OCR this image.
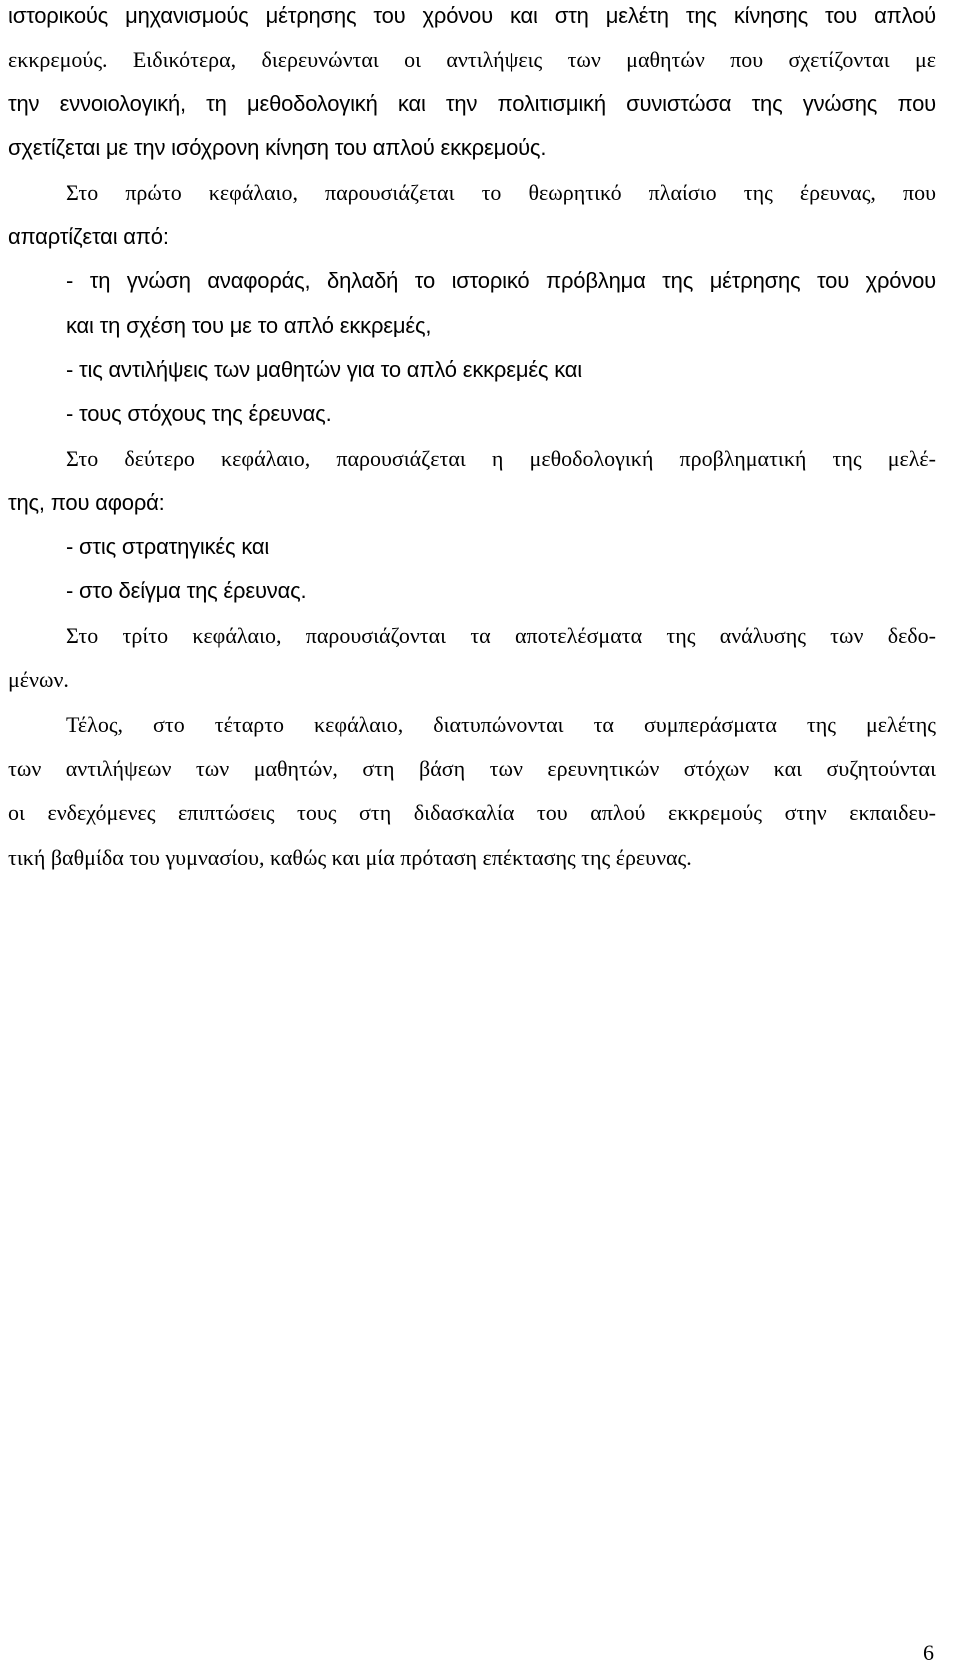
ιστορικούς μηχανισμούς μέτρησης του χρόνου και στη μελέτη της κίνησης του απλού
εκκρεμούς. Ειδικότερα, διερευνώνται οι αντιλήψεις των μαθητών που σχετίζονται με
την εννοιολογική, τη μεθοδολογική και την πολιτισμική συνιστώσα της γνώσης που
σχετίζεται με την ισόχρονη κίνηση του απλού εκκρεμούς.
Στο πρώτο κεφάλαιο, παρουσιάζεται το θεωρητικό πλαίσιο της έρευνας, που
απαρτίζεται από:
- τη γνώση αναφοράς, δηλαδή το ιστορικό πρόβλημα της μέτρησης του χρόνου
και τη σχέση του με το απλό εκκρεμές,
- τις αντιλήψεις των μαθητών για το απλό εκκρεμές και
- τους στόχους της έρευνας.
Στο δεύτερο κεφάλαιο, παρουσιάζεται η μεθοδολογική προβληματική της μελέ-
της, που αφορά:
- στις στρατηγικές και
- στο δείγμα της έρευνας.
Στο τρίτο κεφάλαιο, παρουσιάζονται τα αποτελέσματα της ανάλυσης των δεδο-
μένων.
Τέλος, στο τέταρτο κεφάλαιο, διατυπώνονται τα συμπεράσματα της μελέτης
των αντιλήψεων των μαθητών, στη βάση των ερευνητικών στόχων και συζητούνται
οι ενδεχόμενες επιπτώσεις τους στη διδασκαλία του απλού εκκρεμούς στην εκπαιδευ-
τική βαθμίδα του γυμνασίου, καθώς και μία πρόταση επέκτασης της έρευνας.
6
